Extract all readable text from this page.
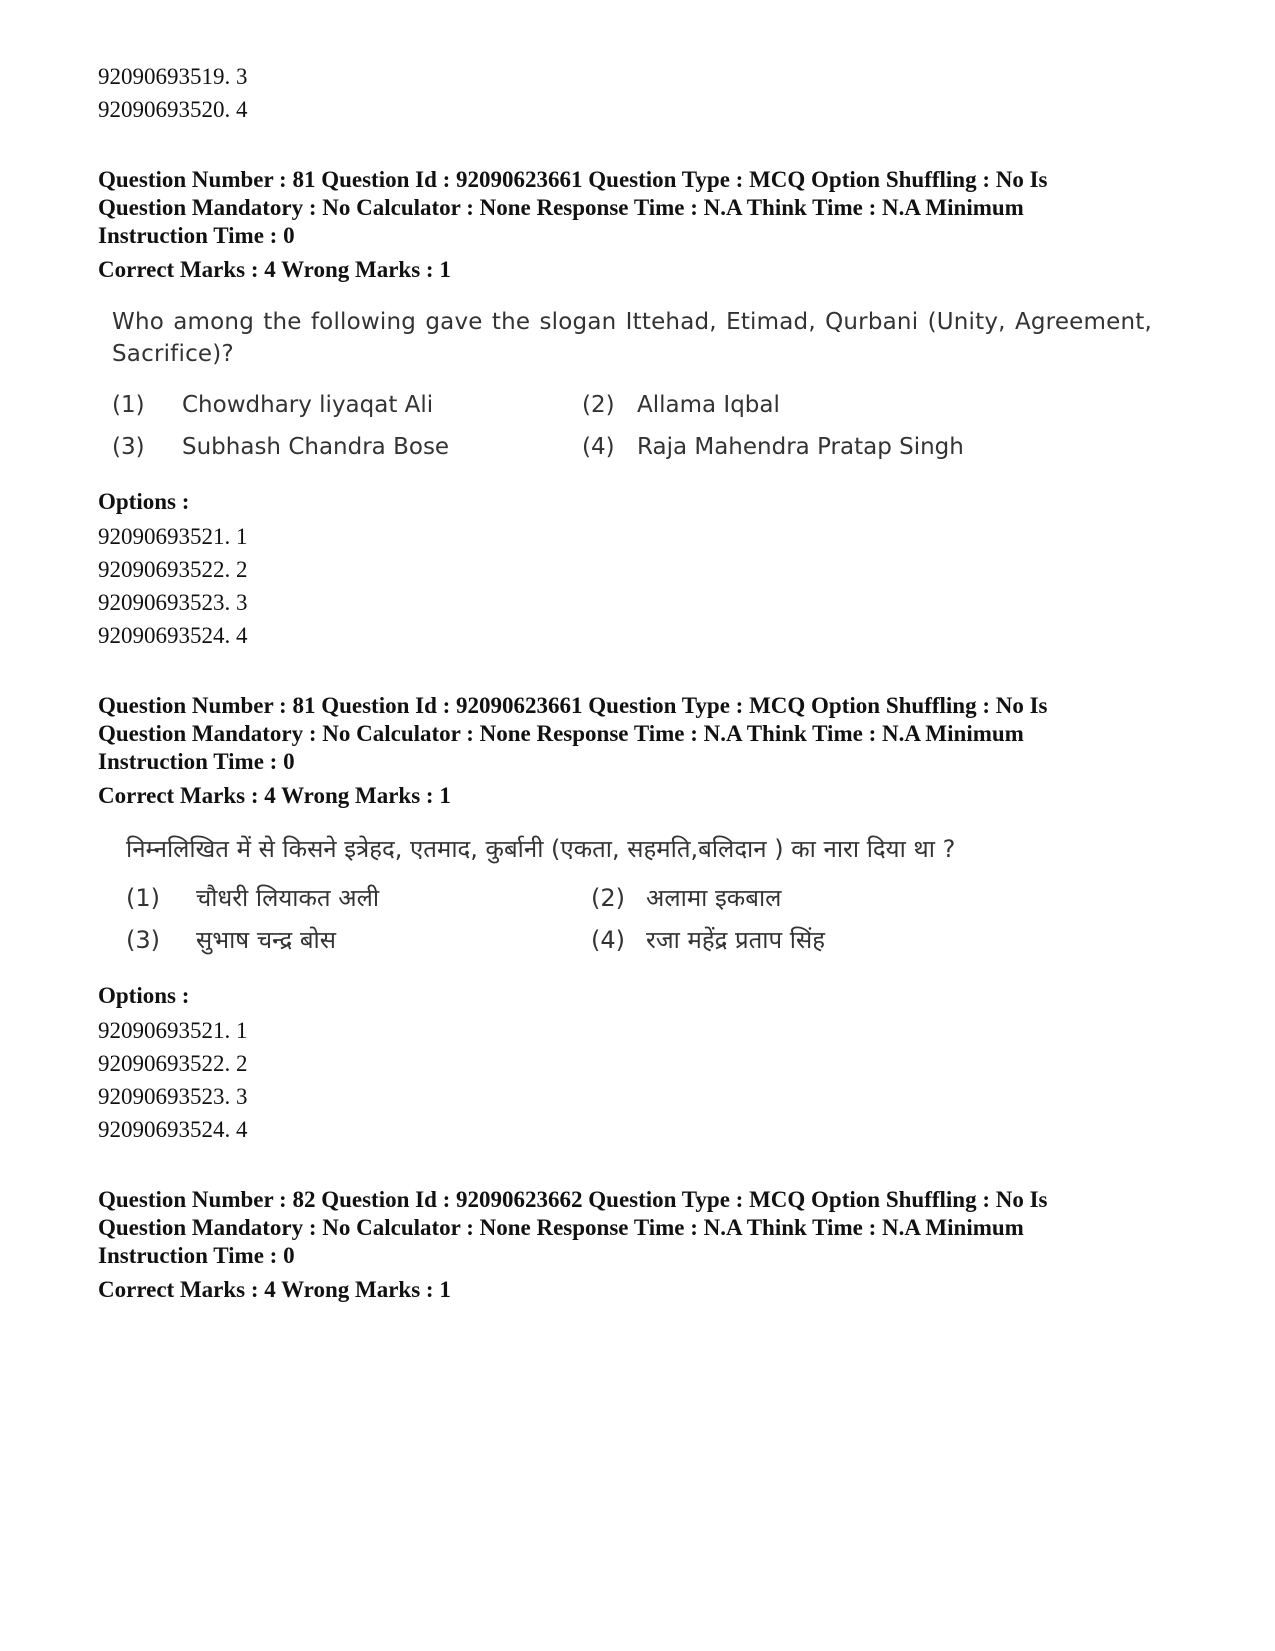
92090693519. 3
92090693520. 4
Question Number : 81 Question Id : 92090623661 Question Type : MCQ Option Shuffling : No Is
Question Mandatory : No Calculator : None Response Time : N.A Think Time : N.A Minimum
Instruction Time : 0
Correct Marks : 4 Wrong Marks : 1
Who among the following gave the slogan Ittehad, Etimad, Qurbani (Unity, Agreement, Sacrifice)?
(1)	Chowdhary liyaqat Ali	(2) Allama Iqbal
(3)	Subhash Chandra Bose	(4) Raja Mahendra Pratap Singh
Options :
92090693521. 1
92090693522. 2
92090693523. 3
92090693524. 4
Question Number : 81 Question Id : 92090623661 Question Type : MCQ Option Shuffling : No Is
Question Mandatory : No Calculator : None Response Time : N.A Think Time : N.A Minimum
Instruction Time : 0
Correct Marks : 4 Wrong Marks : 1
निम्नलिखित में से किसने इत्रेहद, एतमाद, कुर्बानी (एकता, सहमति,बलिदान ) का नारा दिया था ?
(1)	चौधरी लियाकत अली	(2) अलामा इकबाल
(3)	सुभाष चन्द्र बोस	(4) रजा महेंद्र प्रताप सिंह
Options :
92090693521. 1
92090693522. 2
92090693523. 3
92090693524. 4
Question Number : 82 Question Id : 92090623662 Question Type : MCQ Option Shuffling : No Is
Question Mandatory : No Calculator : None Response Time : N.A Think Time : N.A Minimum
Instruction Time : 0
Correct Marks : 4 Wrong Marks : 1
